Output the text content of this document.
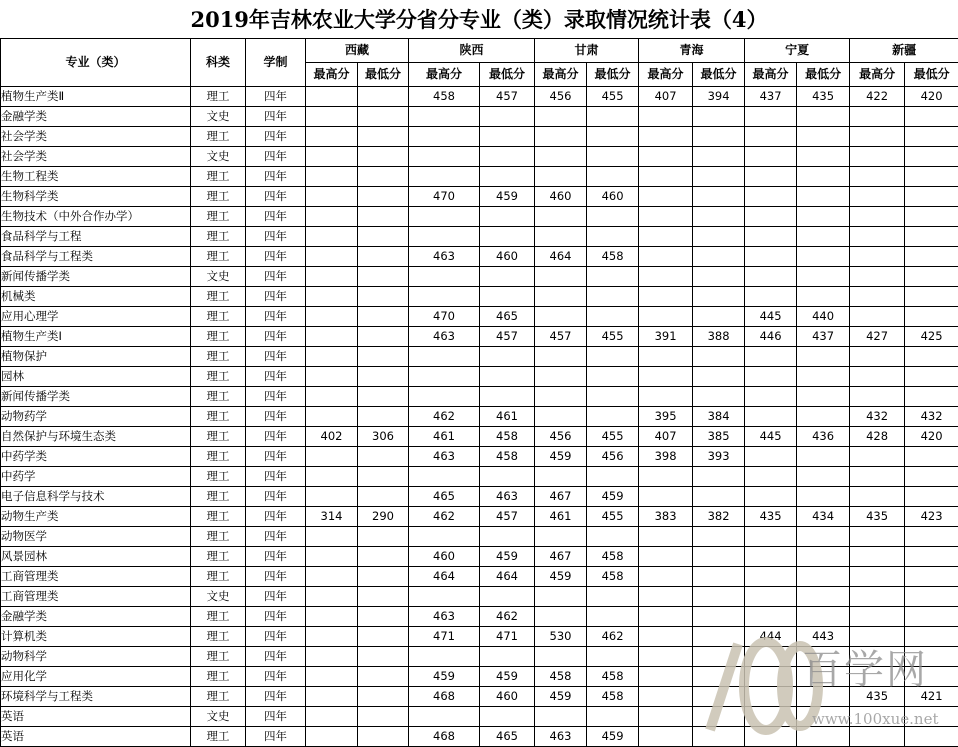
2019年吉林农业大学分省分专业（类）录取情况统计表（4）
专业（类）	科类	学制	西藏		陕西		甘肃		青海		宁夏		新疆	
			最高分	最低分	最高分	最低分	最高分	最低分	最高分	最低分	最高分	最低分	最高分	最低分
植物生产类Ⅱ	理工	四年			458	457	456	455	407	394	437	435	422	420
金融学类	文史	四年												
社会学类	理工	四年												
社会学类	文史	四年												
生物工程类	理工	四年												
生物科学类	理工	四年			470	459	460	460						
生物技术（中外合作办学）	理工	四年												
食品科学与工程	理工	四年												
食品科学与工程类	理工	四年			463	460	464	458						
新闻传播学类	文史	四年												
机械类	理工	四年												
应用心理学	理工	四年			470	465					445	440		
植物生产类Ⅰ	理工	四年			463	457	457	455	391	388	446	437	427	425
植物保护	理工	四年												
园林	理工	四年												
新闻传播学类	理工	四年												
动物药学	理工	四年			462	461			395	384			432	432
自然保护与环境生态类	理工	四年	402	306	461	458	456	455	407	385	445	436	428	420
中药学类	理工	四年			463	458	459	456	398	393				
中药学	理工	四年												
电子信息科学与技术	理工	四年			465	463	467	459						
动物生产类	理工	四年	314	290	462	457	461	455	383	382	435	434	435	423
动物医学	理工	四年												
风景园林	理工	四年			460	459	467	458						
工商管理类	理工	四年			464	464	459	458						
工商管理类	文史	四年												
金融学类	理工	四年			463	462								
计算机类	理工	四年			471	471	530	462			444	443		
动物科学	理工	四年												
应用化学	理工	四年			459	459	458	458						
环境科学与工程类	理工	四年			468	460	459	458					435	421
英语	文史	四年												
英语	理工	四年			468	465	463	459						
百学网
www.100xue.net
